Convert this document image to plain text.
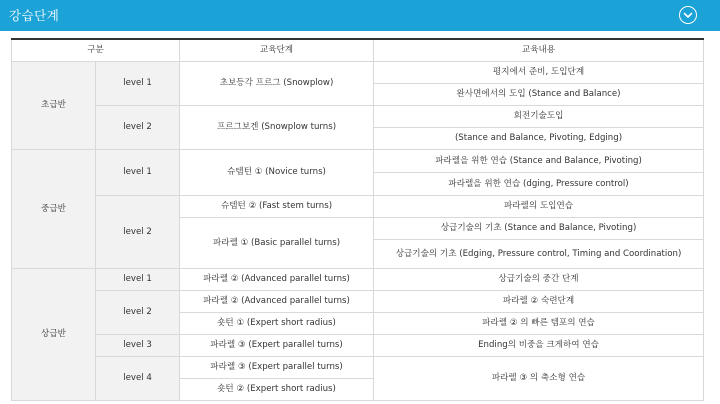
강습단계
구분		교육단계	교육내용
초급반	level 1	초보등각 프르그 (Snowplow)	평지에서 준비, 도입단계
			완사면에서의 도입 (Stance and Balance)
	level 2	프르그보겐 (Snowplow turns)	회전기술도입
			(Stance and Balance, Pivoting, Edging)
중급반	level 1	슈템턴 ① (Novice turns)	파라렐을 위한 연습 (Stance and Balance, Pivoting)
			파라렐을 위한 연습 (dging, Pressure control)
	level 2	슈템턴 ② (Fast stem turns)	파라렐의 도입연습
		파라렐 ① (Basic parallel turns)	상급기술의 기초 (Stance and Balance, Pivoting)
			상급기술의 기초 (Edging, Pressure control, Timing and Coordination)
상급반	level 1	파라렐 ② (Advanced parallel turns)	상급기술의 중간 단계
	level 2	파라렐 ② (Advanced parallel turns)	파라렐 ② 숙련단계
		숏턴 ① (Expert short radius)	파라렐 ② 의 빠른 템포의 연습
	level 3	파라렐 ③ (Expert parallel turns)	Ending의 비중을 크게하여 연습
	level 4	파라렐 ③ (Expert parallel turns)	파라렐 ③ 의 축소형 연습
		숏턴 ② (Expert short radius)	
